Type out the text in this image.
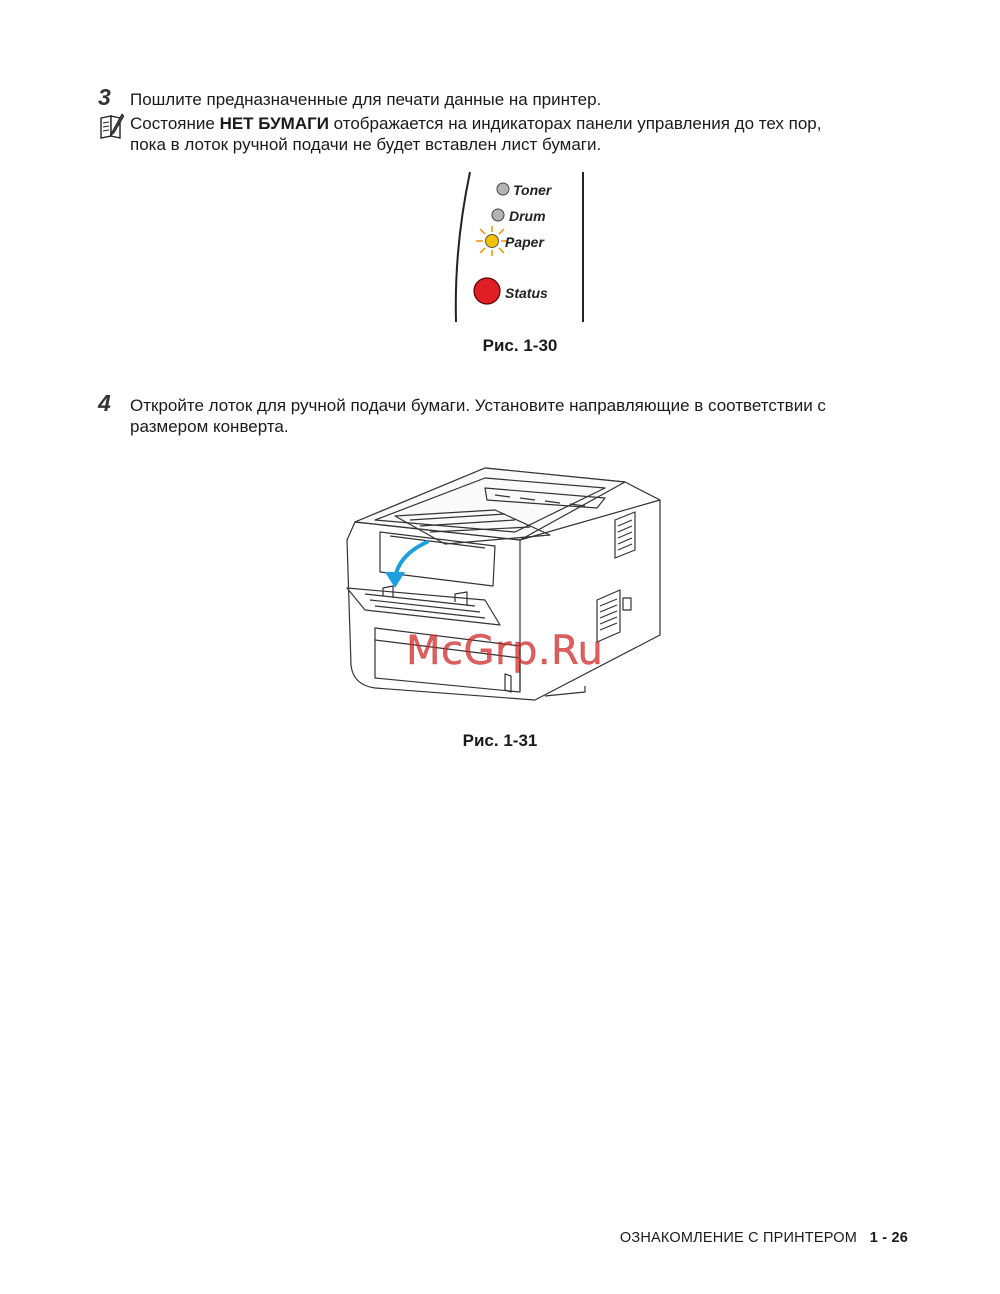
3 Пошлите предназначенные для печати данные на принтер.
Состояние НЕТ БУМАГИ отображается на индикаторах панели управления до тех пор,
пока в лоток ручной подачи не будет вставлен лист бумаги.
Toner
Drum
Paper
Status
Рис. 1-30
4 Откройте лоток для ручной подачи бумаги. Установите направляющие в соответствии с
размером конверта.
McGrp.Ru
Рис. 1-31
ОЗНАКОМЛЕНИЕ С ПРИНТЕРОМ 1 - 26
